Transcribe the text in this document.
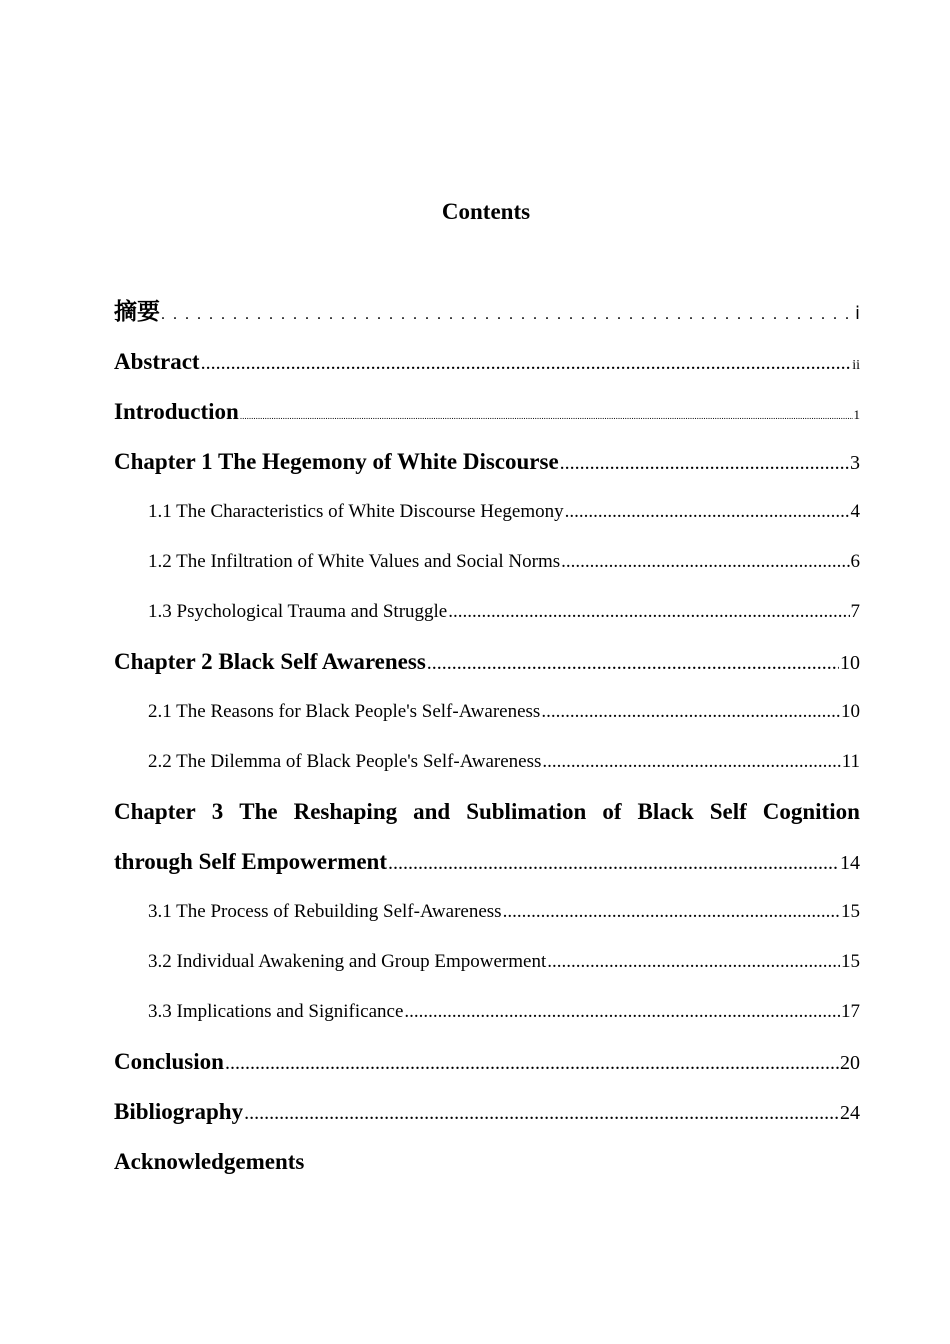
Contents
摘要 . . .	i
Abstract .....	ii
Introduction .....	1
Chapter 1 The Hegemony of White Discourse .....	3
1.1 The Characteristics of White Discourse Hegemony .....	4
1.2 The Infiltration of White Values and Social Norms .....	6
1.3 Psychological Trauma and Struggle .....	7
Chapter 2 Black Self Awareness .....	10
2.1 The Reasons for Black People's Self-Awareness .....	10
2.2 The Dilemma of Black People's Self-Awareness .....	11
Chapter 3 The Reshaping and Sublimation of Black Self Cognition
through Self Empowerment .....	14
3.1 The Process of Rebuilding Self-Awareness .....	15
3.2 Individual Awakening and Group Empowerment .....	15
3.3 Implications and Significance .....	17
Conclusion .....	20
Bibliography .....	24
Acknowledgements
